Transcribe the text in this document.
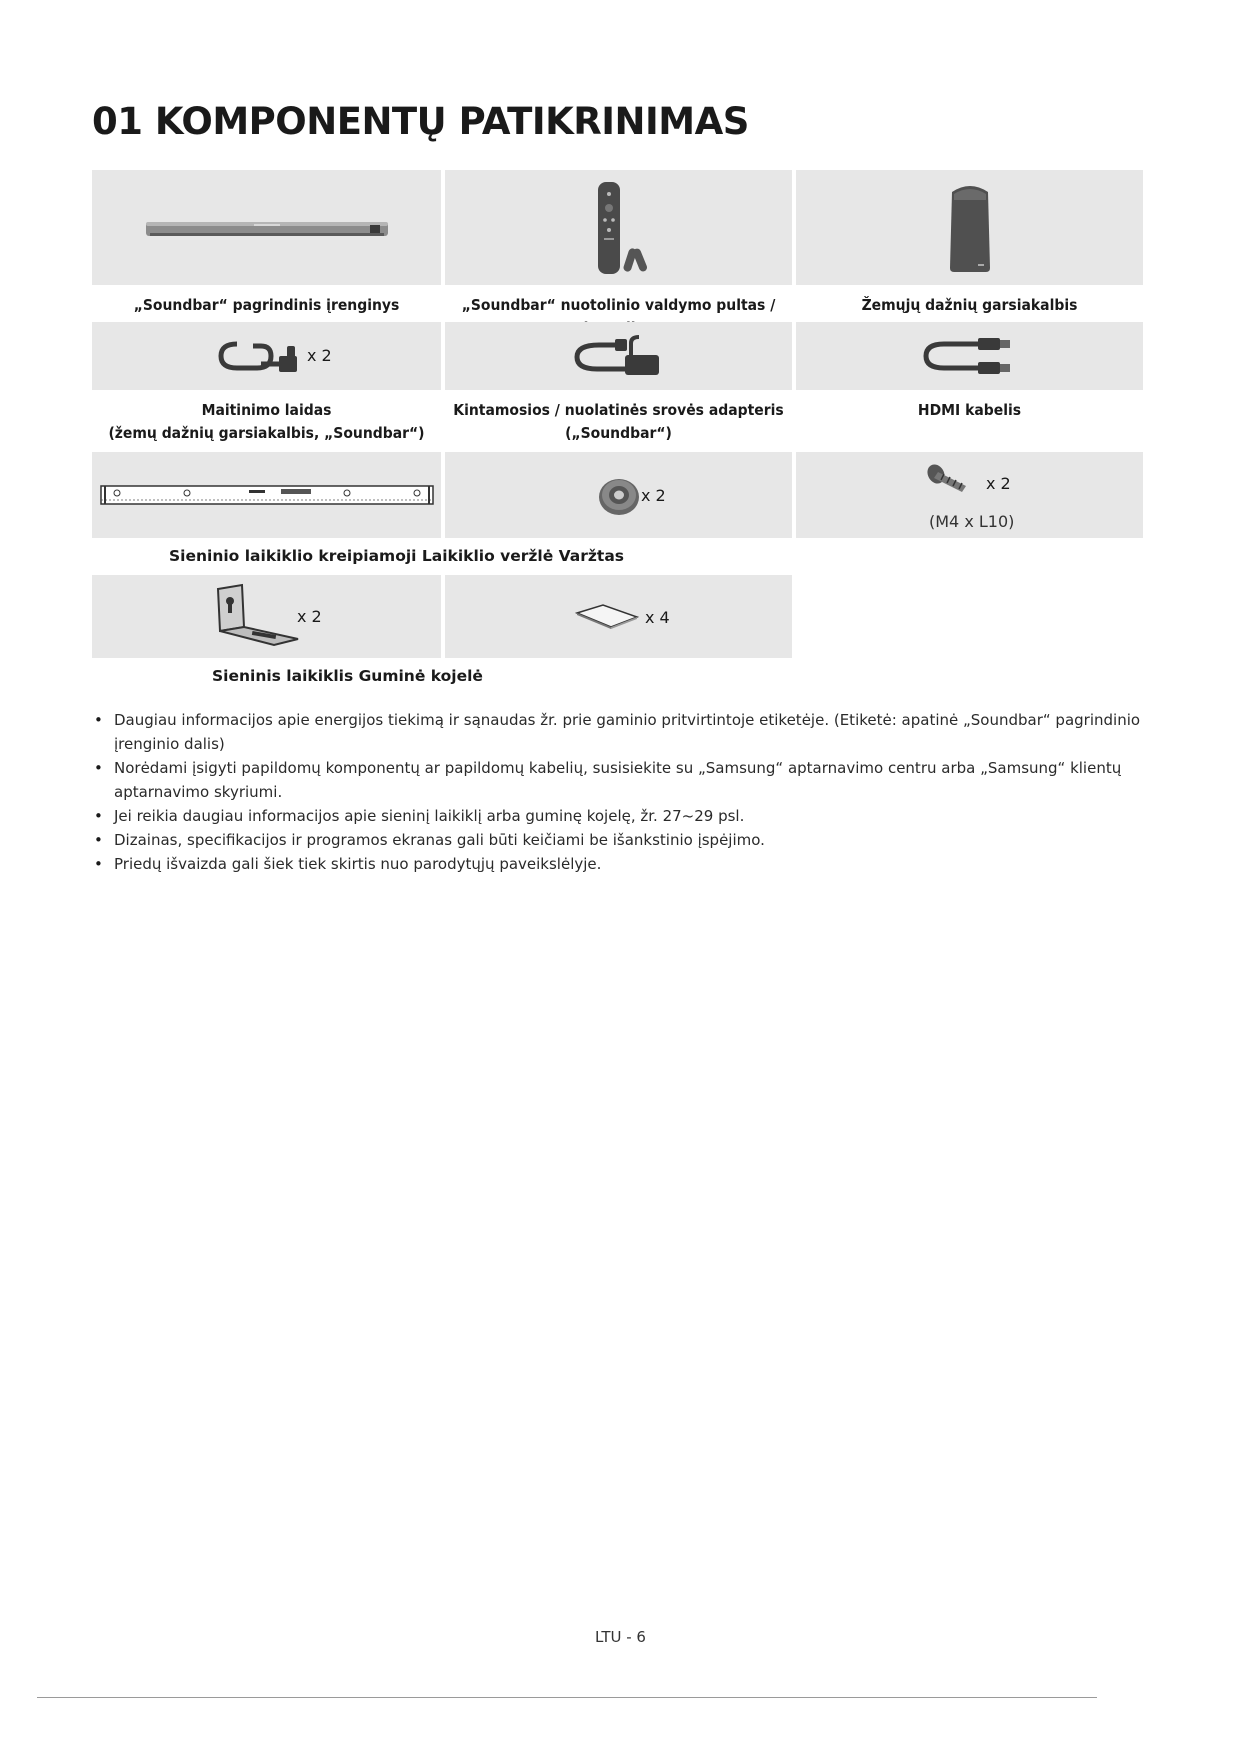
01 KOMPONENTŲ PATIKRINIMAS
„Soundbar“ pagrindinis įrenginys	„Soundbar“ nuotolinio valdymo pultas /	Žemųjų dažnių garsiakalbis
x 2
Maitinimo laidas
(žemų dažnių garsiakalbis, „Soundbar“)
Kintamosios / nuolatinės srovės adapteris
(„Soundbar“)
HDMI kabelis
x 2
x 2
(M4 x L10)
Sieninio laikiklio kreipiamoji Laikiklio veržlė Varžtas
x 2	x 4
Sieninis laikiklis Guminė kojelė
• Daugiau informacijos apie energijos tiekimą ir sąnaudas žr. prie gaminio pritvirtintoje etiketėje. (Etiketė: apatinė „Soundbar“ pagrindinio įrenginio dalis)
• Norėdami įsigyti papildomų komponentų ar papildomų kabelių, susisiekite su „Samsung“ aptarnavimo centru arba „Samsung“ klientų aptarnavimo skyriumi.
• Jei reikia daugiau informacijos apie sieninį laikiklį arba guminę kojelę, žr. 27~29 psl.
• Dizainas, specifikacijos ir programos ekranas gali būti keičiami be išankstinio įspėjimo.
• Priedų išvaizda gali šiek tiek skirtis nuo parodytųjų paveikslėlyje.
LTU - 6
